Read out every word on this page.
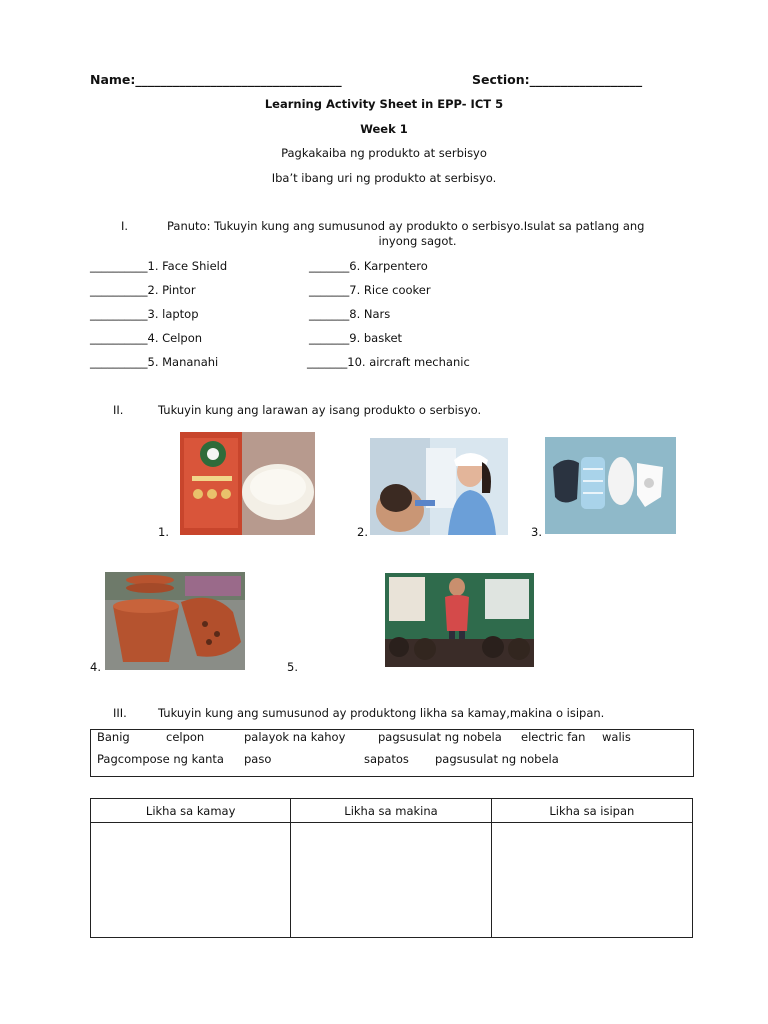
Name:_________________________________	Section:__________________
Learning Activity Sheet in EPP- ICT 5
Week 1
Pagkakaiba ng produkto at serbisyo
Iba’t ibang uri ng produkto at serbisyo.
I.	Panuto: Tukuyin kung ang sumusunod ay produkto o serbisyo.Isulat sa patlang ang
inyong sagot.
__________1. Face Shield
__________2. Pintor
__________3. laptop
__________4. Celpon
__________5. Mananahi
_______6. Karpentero
_______7. Rice cooker
_______8. Nars
_______9. basket
_______10. aircraft mechanic
II.	Tukuyin kung ang larawan ay isang produkto o serbisyo.
1.	2.	3.
4.	5.
III.	Tukuyin kung ang sumusunod ay produktong likha sa kamay,makina o isipan.
Banig	celpon	palayok na kahoy	pagsusulat ng nobela electric fan walis
Pagcompose ng kanta paso	sapatos pagsusulat ng nobela
Likha sa kamay	Likha sa makina	Likha sa isipan
